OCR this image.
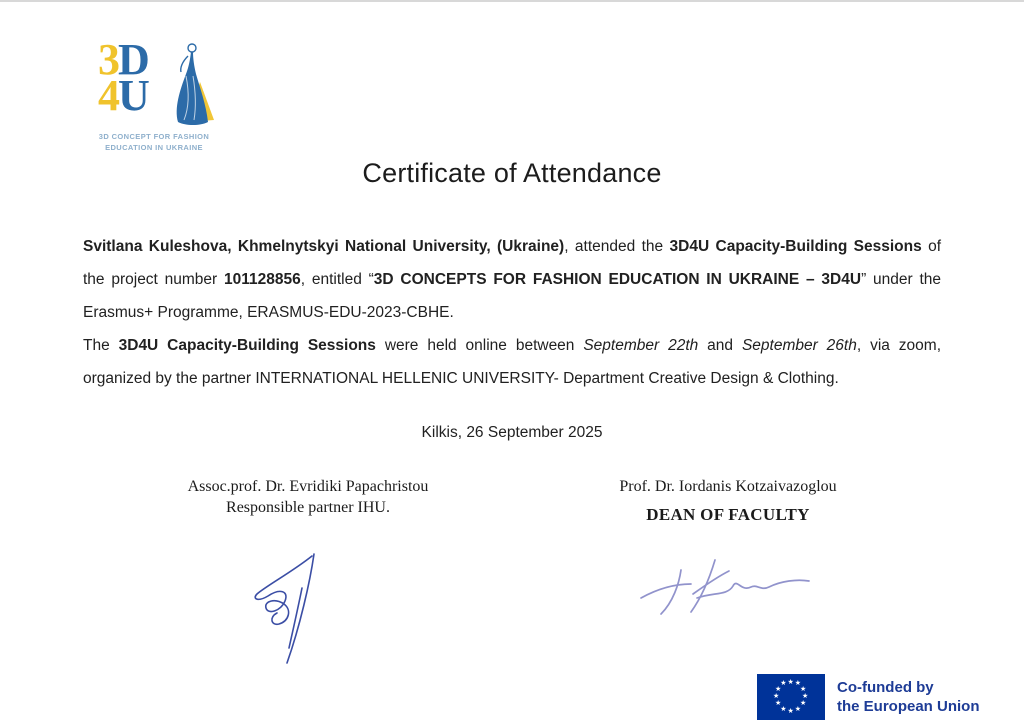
3D
4U
3D CONCEPT FOR FASHION
EDUCATION IN UKRAINE
Certificate of Attendance

Svitlana Kuleshova, Khmelnytskyi National University, (Ukraine), attended the 3D4U Capacity-Building Sessions of the project number 101128856, entitled “3D CONCEPTS FOR FASHION EDUCATION IN UKRAINE – 3D4U” under the Erasmus+ Programme, ERASMUS-EDU-2023-CBHE.

The 3D4U Capacity-Building Sessions were held online between September 22th and September 26th, via zoom, organized by the partner INTERNATIONAL HELLENIC UNIVERSITY- Department Creative Design & Clothing.

Kilkis, 26 September 2025
Assoc.prof. Dr. Evridiki Papachristou
Responsible partner IHU.
Prof. Dr. Iordanis Kotzaivazoglou
DEAN OF FACULTY
★ ★
★
★
★
★
★
★
★
★
★
★	Co-funded by
the European Union
